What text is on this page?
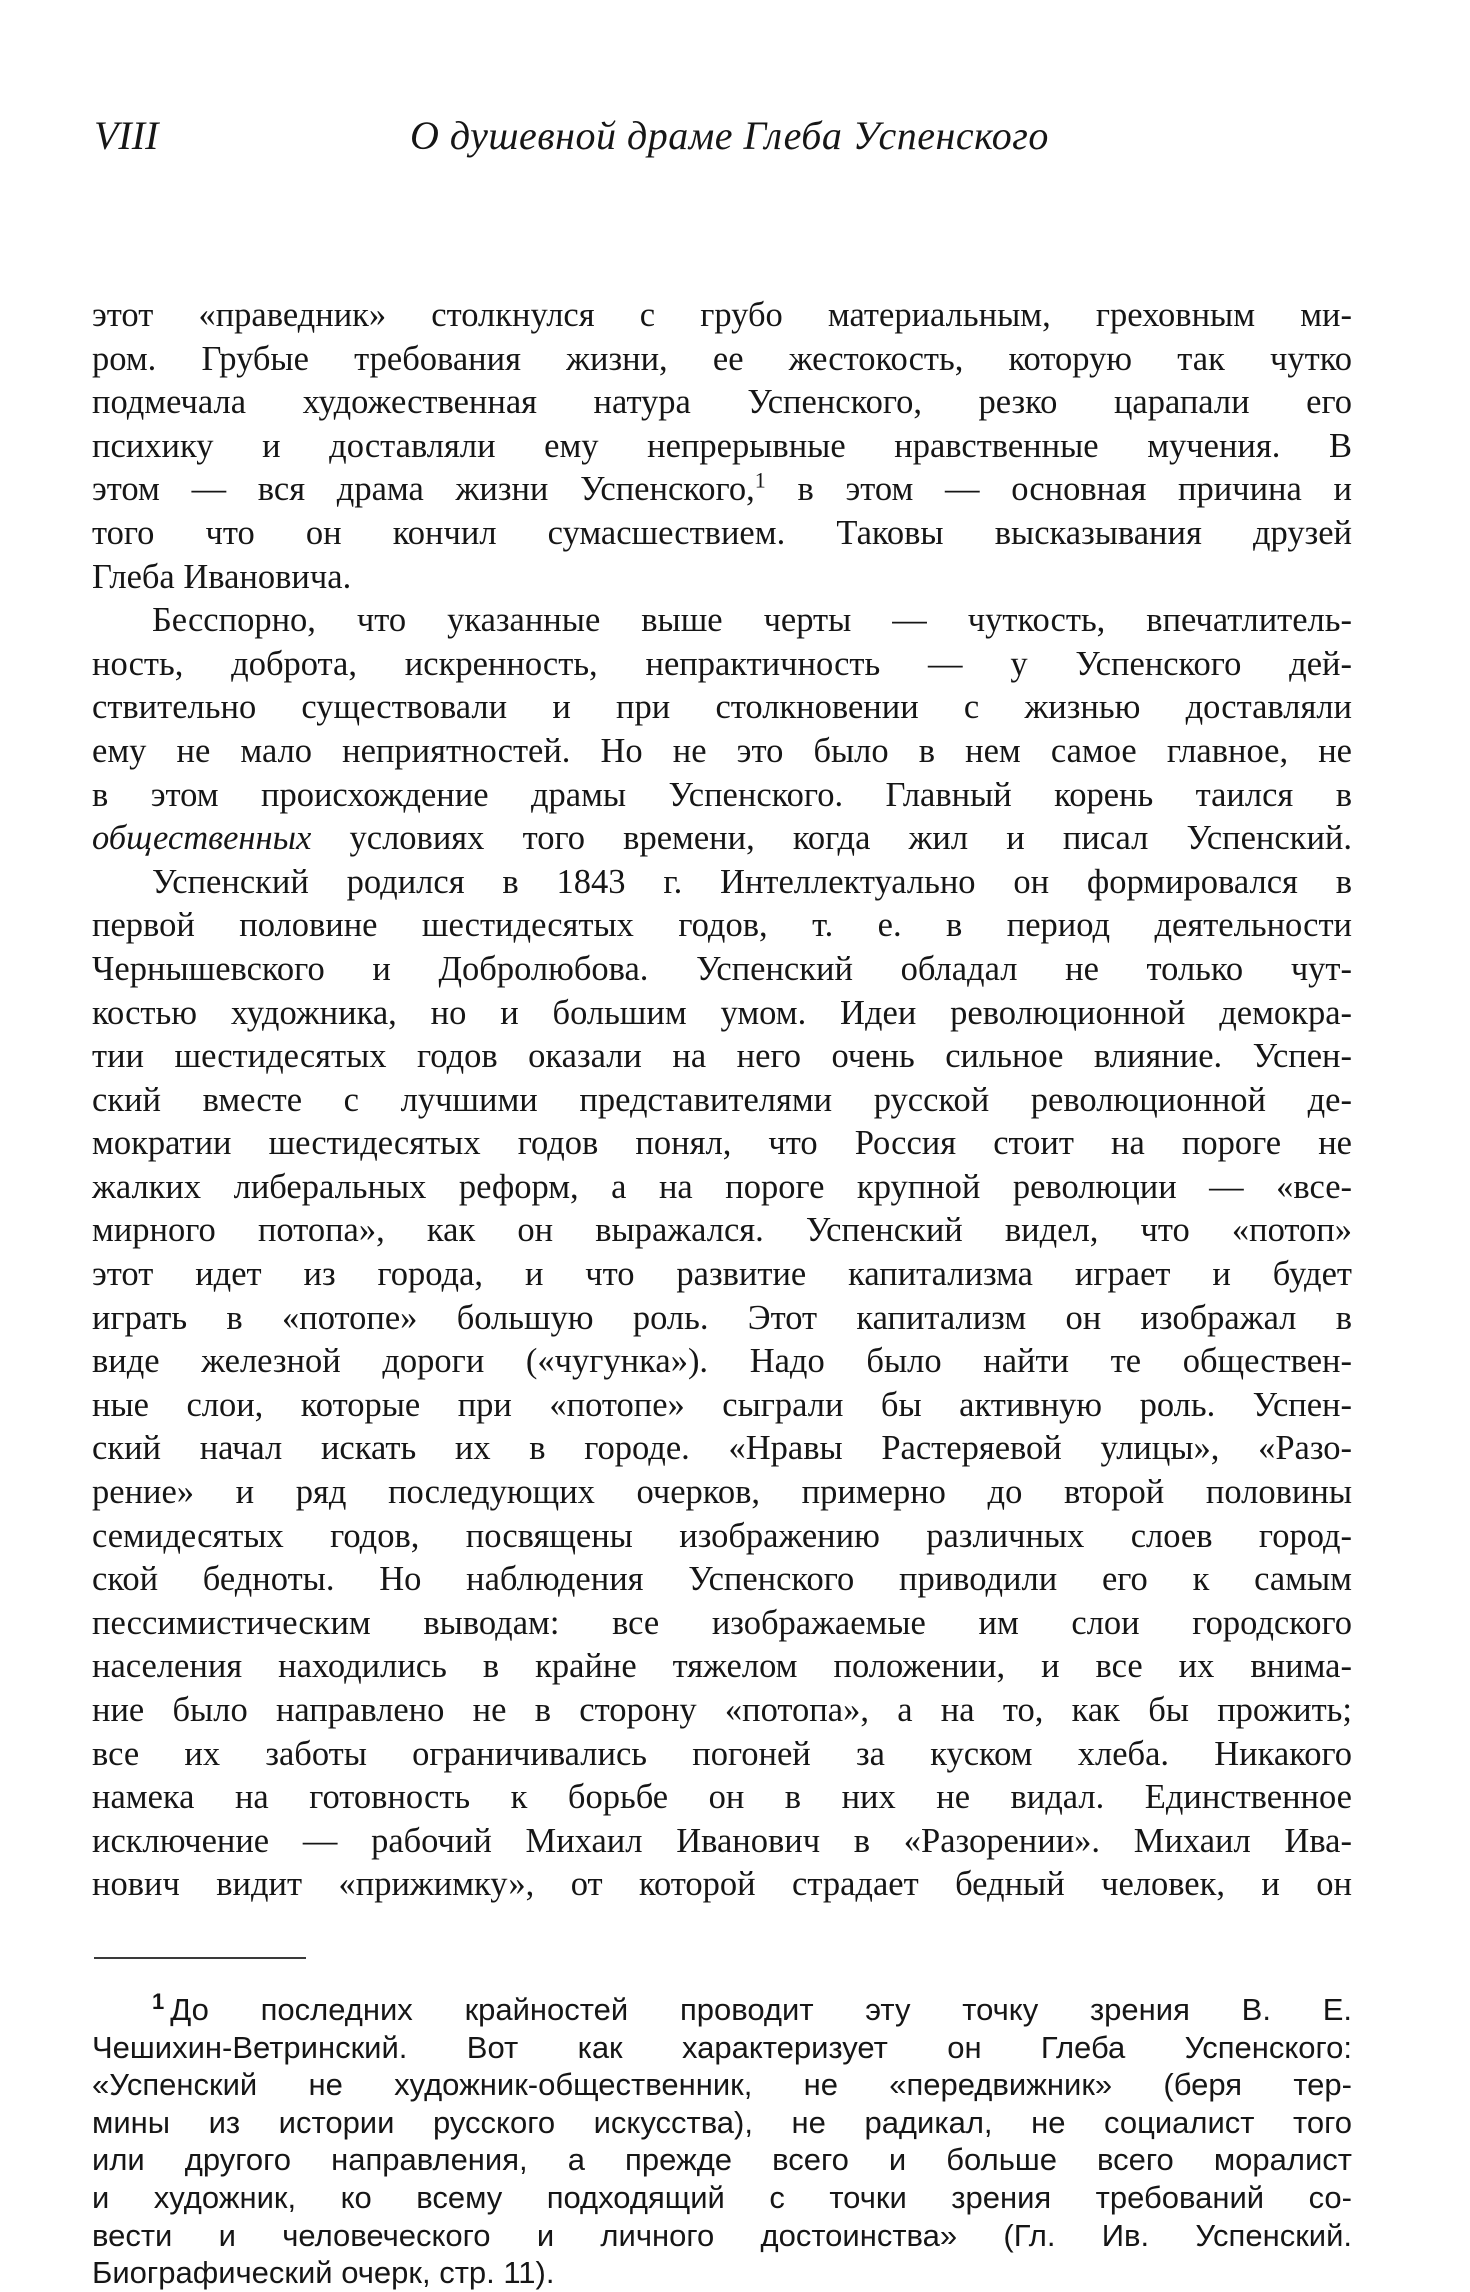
VIII	О душевной драме Глеба Успенского
этот «праведник» столкнулся с грубо материальным, греховным ми-
ром. Грубые требования жизни, ее жестокость, которую так чутко
подмечала художественная натура Успенского, резко царапали его
психику и доставляли ему непрерывные нравственные мучения. В
этом — вся драма жизни Успенского,$^1$ в этом — основная причина и
того что он кончил сумасшествием. Таковы высказывания друзей
Глеба Ивановича.
Бесспорно, что указанные выше черты — чуткость, впечатлитель-
ность, доброта, искренность, непрактичность — у Успенского дей-
ствительно существовали и при столкновении с жизнью доставляли
ему не мало неприятностей. Но не это было в нем самое главное, не
в этом происхождение драмы Успенского. Главный корень таился в
общественных условиях того времени, когда жил и писал Успенский.
Успенский родился в 1843 г. Интеллектуально он формировался в
первой половине шестидесятых годов, т. е. в период деятельности
Чернышевского и Добролюбова. Успенский обладал не только чут-
костью художника, но и большим умом. Идеи революционной демокра-
тии шестидесятых годов оказали на него очень сильное влияние. Успен-
ский вместе с лучшими представителями русской революционной де-
мократии шестидесятых годов понял, что Россия стоит на пороге не
жалких либеральных реформ, а на пороге крупной революции — «все-
мирного потопа», как он выражался. Успенский видел, что «потоп»
этот идет из города, и что развитие капитализма играет и будет
играть в «потопе» большую роль. Этот капитализм он изображал в
виде железной дороги («чугунка»). Надо было найти те обществен-
ные слои, которые при «потопе» сыграли бы активную роль. Успен-
ский начал искать их в городе. «Нравы Растеряевой улицы», «Разо-
рение» и ряд последующих очерков, примерно до второй половины
семидесятых годов, посвящены изображению различных слоев город-
ской бедноты. Но наблюдения Успенского приводили его к самым
пессимистическим выводам: все изображаемые им слои городского
населения находились в крайне тяжелом положении, и все их внима-
ние было направлено не в сторону «потопа», а на то, как бы прожить;
все их заботы ограничивались погоней за куском хлеба. Никакого
намека на готовность к борьбе он в них не видал. Единственное
исключение — рабочий Михаил Иванович в «Разорении». Михаил Ива-
нович видит «прижимку», от которой страдает бедный человек, и он
$^1$ До последних крайностей проводит эту точку зрения В. Е.
Чешихин-Ветринский. Вот как характеризует он Глеба Успенского:
«Успенский не художник-общественник, не «передвижник» (беря тер-
мины из истории русского искусства), не радикал, не социалист того
или другого направления, а прежде всего и больше всего моралист
и художник, ко всему подходящий с точки зрения требований со-
вести и человеческого и личного достоинства» (Гл. Ив. Успенский.
Биографический очерк, стр. 11).
